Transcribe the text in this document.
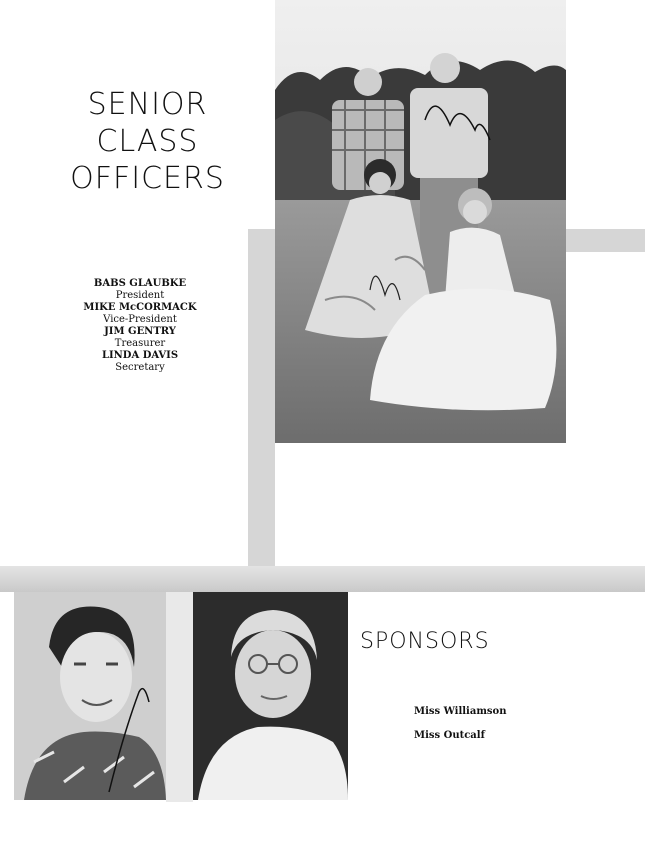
SENIOR
CLASS
OFFICERS
BABS GLAUBKE
President
MIKE McCORMACK
Vice-President
JIM GENTRY
Treasurer
LINDA DAVIS
Secretary
SPONSORS
Miss Williamson
Miss Outcalf
